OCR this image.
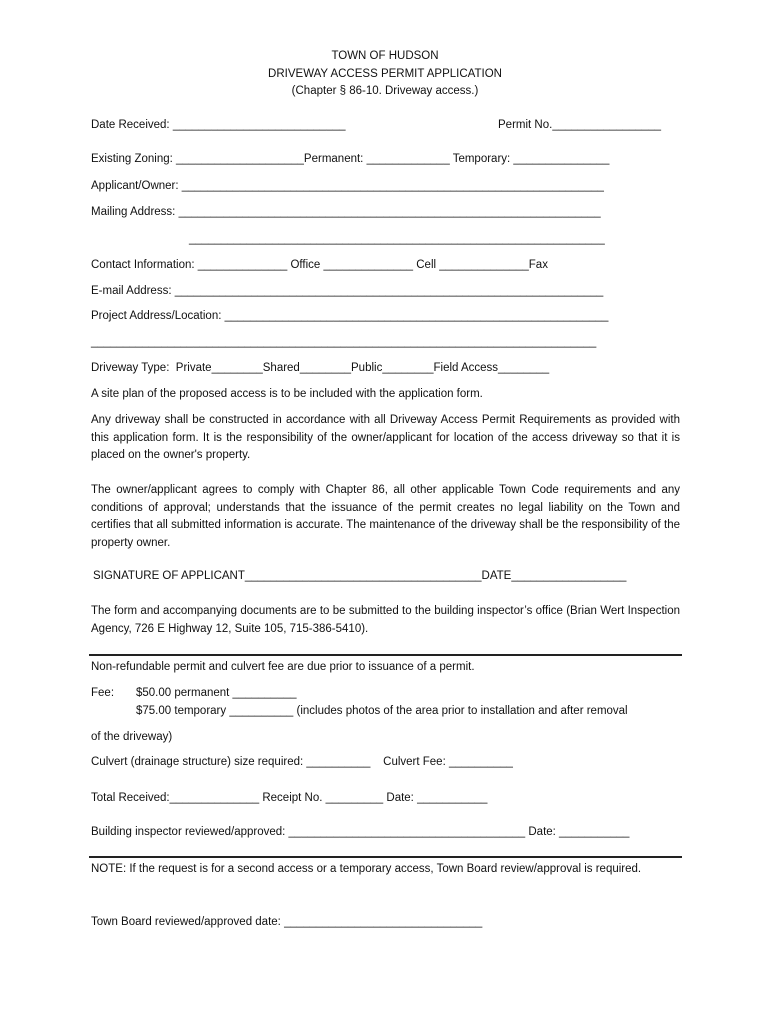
TOWN OF HUDSON
DRIVEWAY ACCESS PERMIT APPLICATION
(Chapter § 86-10. Driveway access.)
Date Received: ___________________________	Permit No._________________
Existing Zoning: ____________________Permanent: _____________ Temporary: _______________
Applicant/Owner: __________________________________________________________________
Mailing Address: __________________________________________________________________
_________________________________________________________________
Contact Information: ______________ Office ______________ Cell ______________Fax
E-mail Address: ___________________________________________________________________
Project Address/Location: ____________________________________________________________
_______________________________________________________________________________
Driveway Type:  Private________Shared________Public________Field Access________
A site plan of the proposed access is to be included with the application form.
Any driveway shall be constructed in accordance with all Driveway Access Permit Requirements as provided with this application form. It is the responsibility of the owner/applicant for location of the access driveway so that it is placed on the owner's property.
The owner/applicant agrees to comply with Chapter 86, all other applicable Town Code requirements and any conditions of approval; understands that the issuance of the permit creates no legal liability on the Town and certifies that all submitted information is accurate. The maintenance of the driveway shall be the responsibility of the property owner.
SIGNATURE OF APPLICANT_____________________________________DATE__________________
The form and accompanying documents are to be submitted to the building inspector’s office (Brian Wert Inspection Agency, 726 E Highway 12, Suite 105, 715-386-5410).
Non-refundable permit and culvert fee are due prior to issuance of a permit.
Fee: $50.00 permanent __________
$75.00 temporary __________ (includes photos of the area prior to installation and after removal
of the driveway)
Culvert (drainage structure) size required: __________    Culvert Fee: __________
Total Received:______________ Receipt No. _________ Date: ___________
Building inspector reviewed/approved: _____________________________________ Date: ___________
NOTE: If the request is for a second access or a temporary access, Town Board review/approval is required.
Town Board reviewed/approved date: _______________________________
